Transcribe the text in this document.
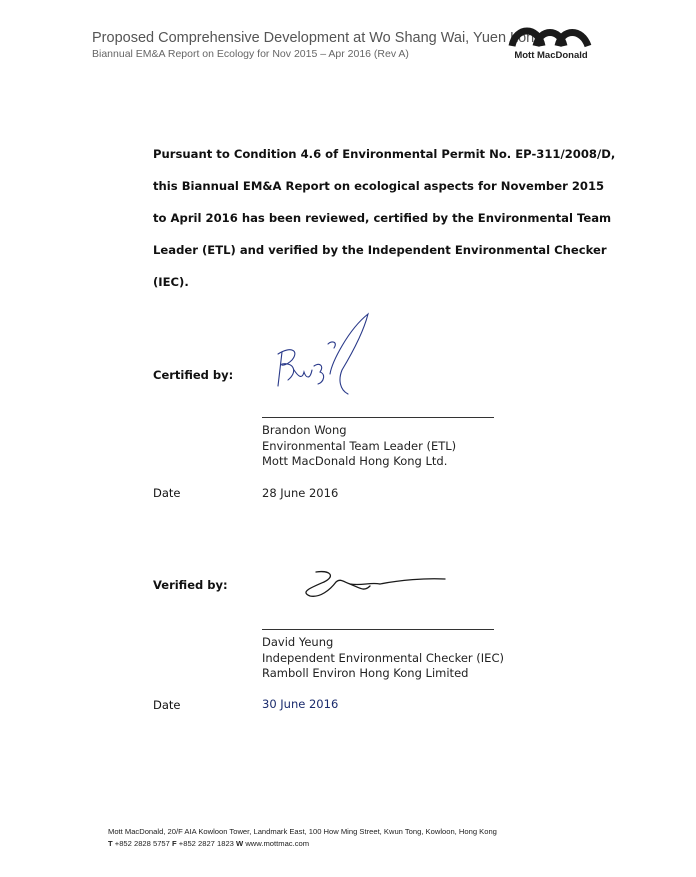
Proposed Comprehensive Development at Wo Shang Wai, Yuen Long
Biannual EM&A Report on Ecology for Nov 2015 – Apr 2016 (Rev A)	Mott MacDonald

Pursuant to Condition 4.6 of Environmental Permit No. EP-311/2008/D,

this Biannual EM&A Report on ecological aspects for November 2015

to April 2016 has been reviewed, certified by the Environmental Team

Leader (ETL) and verified by the Independent Environmental Checker

(IEC).

Certified by:
Brandon Wong
Environmental Team Leader (ETL)
Mott MacDonald Hong Kong Ltd.
Date	28 June 2016
Verified by:
David Yeung
Independent Environmental Checker (IEC)
Ramboll Environ Hong Kong Limited
Date	30 June 2016
Mott MacDonald, 20/F AIA Kowloon Tower, Landmark East, 100 How Ming Street, Kwun Tong, Kowloon, Hong Kong
T +852 2828 5757 F +852 2827 1823 W www.mottmac.com
